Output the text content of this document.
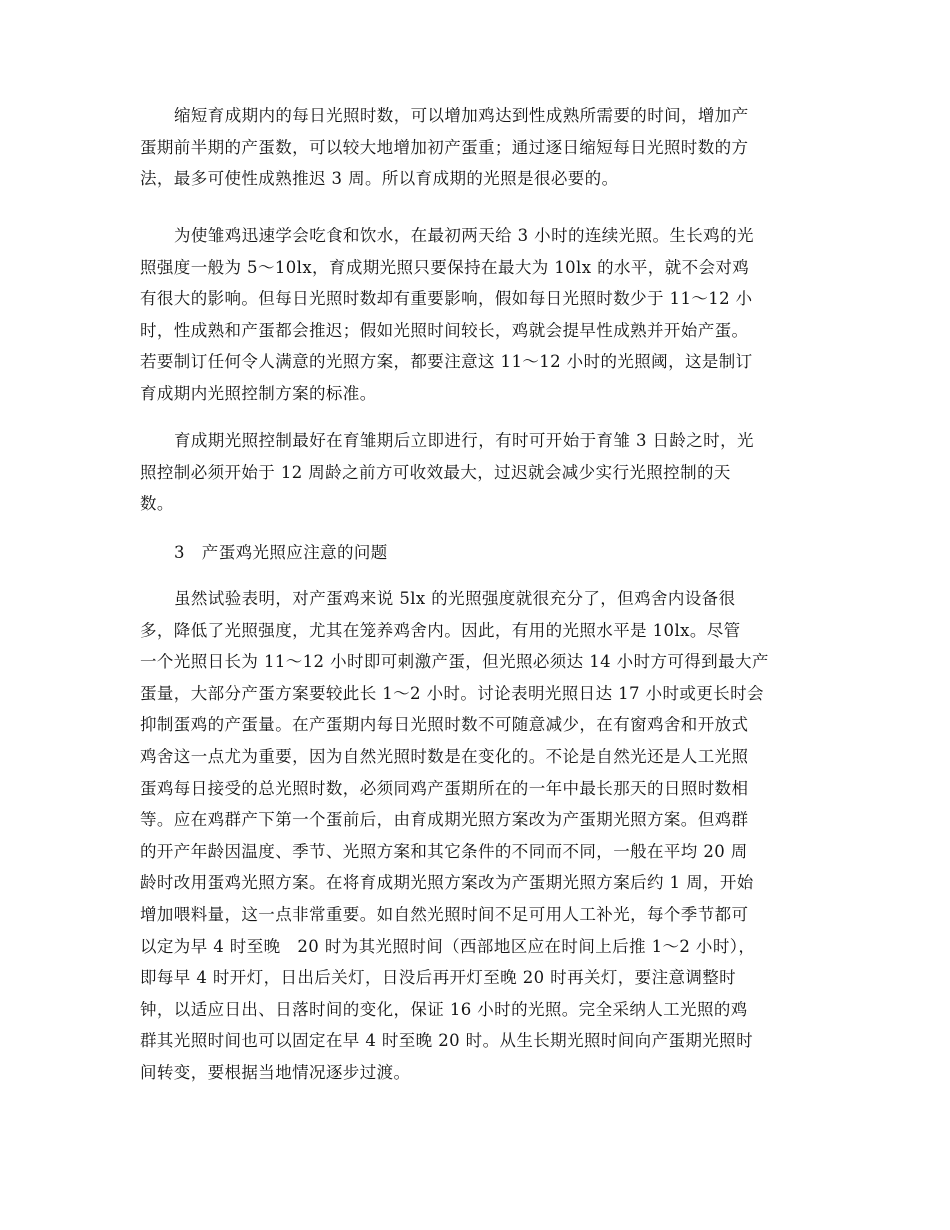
缩短育成期内的每日光照时数，可以增加鸡达到性成熟所需要的时间，增加产
蛋期前半期的产蛋数，可以较大地增加初产蛋重；通过逐日缩短每日光照时数的方
法，最多可使性成熟推迟 3 周。所以育成期的光照是很必要的。
为使雏鸡迅速学会吃食和饮水，在最初两天给 3 小时的连续光照。生长鸡的光
照强度一般为 5～10lx，育成期光照只要保持在最大为 10lx 的水平，就不会对鸡
有很大的影响。但每日光照时数却有重要影响，假如每日光照时数少于 11～12 小
时，性成熟和产蛋都会推迟；假如光照时间较长，鸡就会提早性成熟并开始产蛋。
若要制订任何令人满意的光照方案，都要注意这 11～12 小时的光照阈，这是制订
育成期内光照控制方案的标准。
育成期光照控制最好在育雏期后立即进行，有时可开始于育雏 3 日龄之时，光
照控制必须开始于 12 周龄之前方可收效最大，过迟就会减少实行光照控制的天
数。
3　产蛋鸡光照应注意的问题
虽然试验表明，对产蛋鸡来说 5lx 的光照强度就很充分了，但鸡舍内设备很
多，降低了光照强度，尤其在笼养鸡舍内。因此，有用的光照水平是 10lx。尽管
一个光照日长为 11～12 小时即可刺激产蛋，但光照必须达 14 小时方可得到最大产
蛋量，大部分产蛋方案要较此长 1～2 小时。讨论表明光照日达 17 小时或更长时会
抑制蛋鸡的产蛋量。在产蛋期内每日光照时数不可随意减少，在有窗鸡舍和开放式
鸡舍这一点尤为重要，因为自然光照时数是在变化的。不论是自然光还是人工光照
蛋鸡每日接受的总光照时数，必须同鸡产蛋期所在的一年中最长那天的日照时数相
等。应在鸡群产下第一个蛋前后，由育成期光照方案改为产蛋期光照方案。但鸡群
的开产年龄因温度、季节、光照方案和其它条件的不同而不同，一般在平均 20 周
龄时改用蛋鸡光照方案。在将育成期光照方案改为产蛋期光照方案后约 1 周，开始
增加喂料量，这一点非常重要。如自然光照时间不足可用人工补光，每个季节都可
以定为早 4 时至晚　20 时为其光照时间（西部地区应在时间上后推 1～2 小时），
即每早 4 时开灯，日出后关灯，日没后再开灯至晚 20 时再关灯，要注意调整时
钟，以适应日出、日落时间的变化，保证 16 小时的光照。完全采纳人工光照的鸡
群其光照时间也可以固定在早 4 时至晚 20 时。从生长期光照时间向产蛋期光照时
间转变，要根据当地情况逐步过渡。
